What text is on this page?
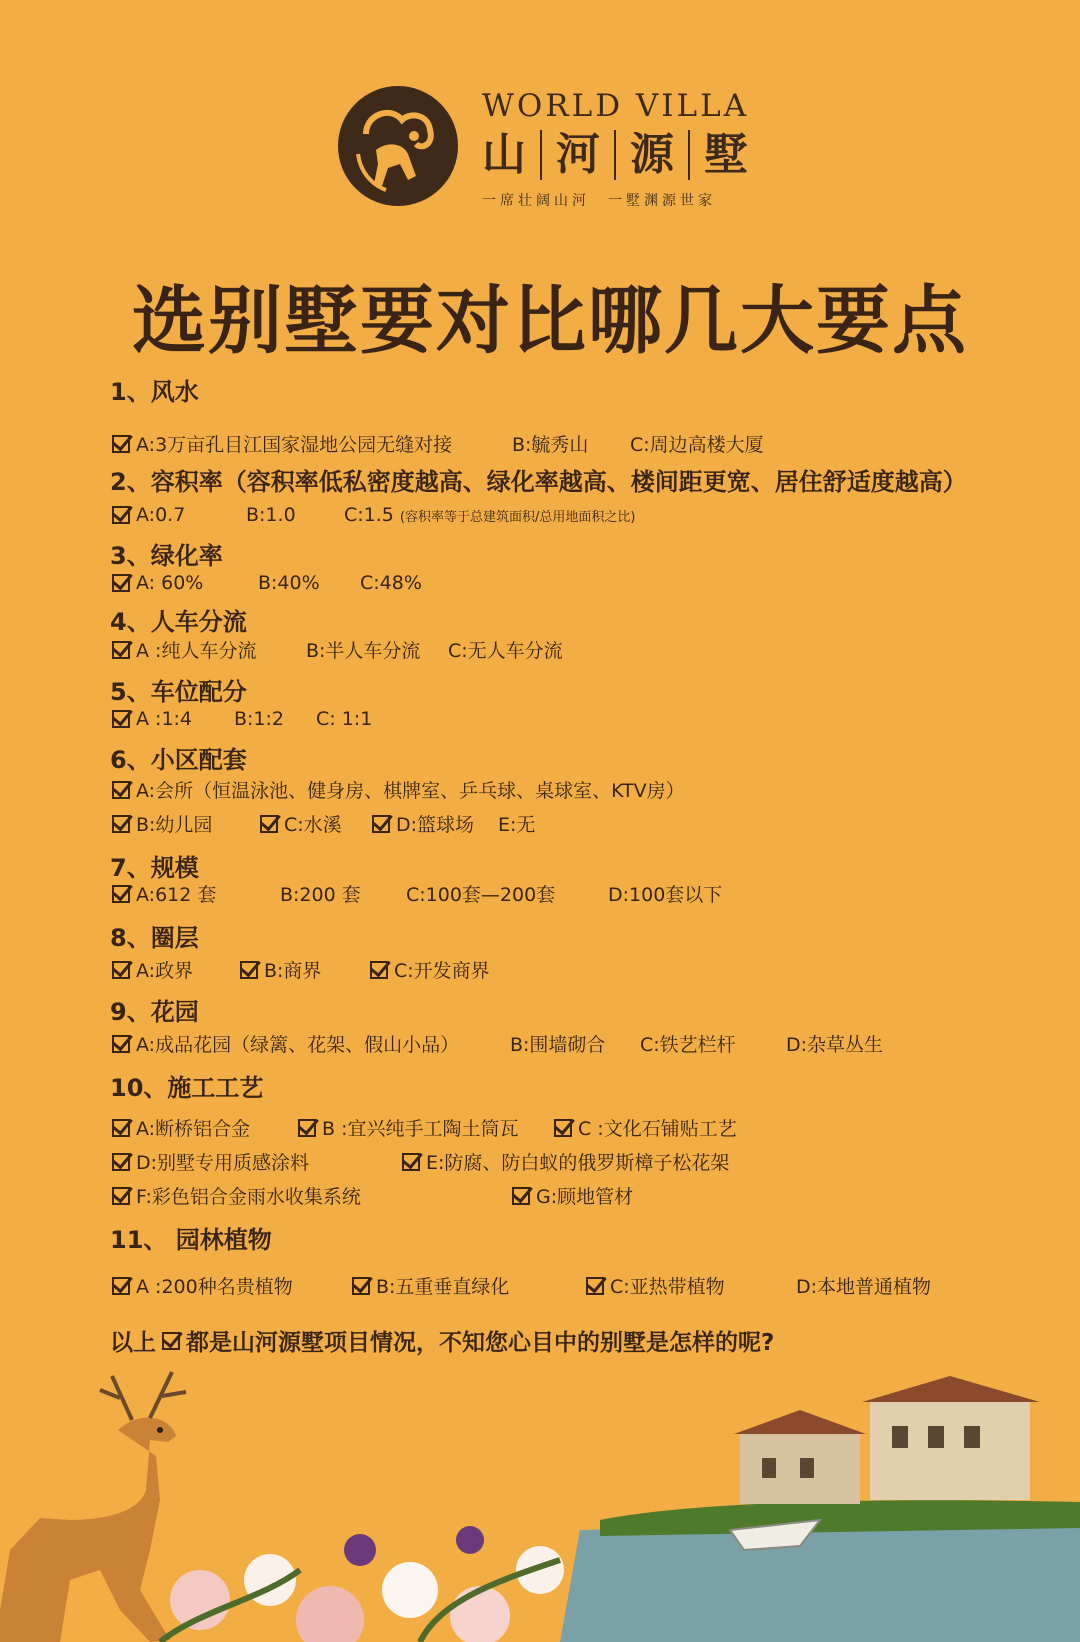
WORLD VILLA
山 河 源 墅
一席壮阔山河　一墅渊源世家
选别墅要对比哪几大要点
1、风水
A:3万亩孔目江国家湿地公园无缝对接	B:毓秀山 C:周边高楼大厦
2、容积率（容积率低私密度越高、绿化率越高、楼间距更宽、居住舒适度越高）
A:0.7	B:1.0	C:1.5 (容积率等于总建筑面积/总用地面积之比)
3、绿化率
A: 60%	B:40% C:48%
4、人车分流
A :纯人车分流	B:半人车分流 C:无人车分流
5、车位配分
A :1:4 B:1:2 C: 1:1
6、小区配套
A:会所（恒温泳池、健身房、棋牌室、乒乓球、桌球室、KTV房）
B:幼儿园	C:水溪	D:篮球场 E:无
7、规模
A:612 套	B:200 套 C:100套—200套	D:100套以下
8、圈层
A:政界	B:商界	C:开发商界
9、花园
A:成品花园（绿篱、花架、假山小品）	B:围墙砌合 C:铁艺栏杆	D:杂草丛生
10、施工工艺
A:断桥铝合金	B :宜兴纯手工陶土筒瓦	C :文化石铺贴工艺
D:别墅专用质感涂料	E:防腐、防白蚁的俄罗斯樟子松花架
F:彩色铝合金雨水收集系统	G:顾地管材
11、 园林植物
A :200种名贵植物	B:五重垂直绿化	C:亚热带植物	D:本地普通植物
以上 都是山河源墅项目情况，不知您心目中的别墅是怎样的呢?
